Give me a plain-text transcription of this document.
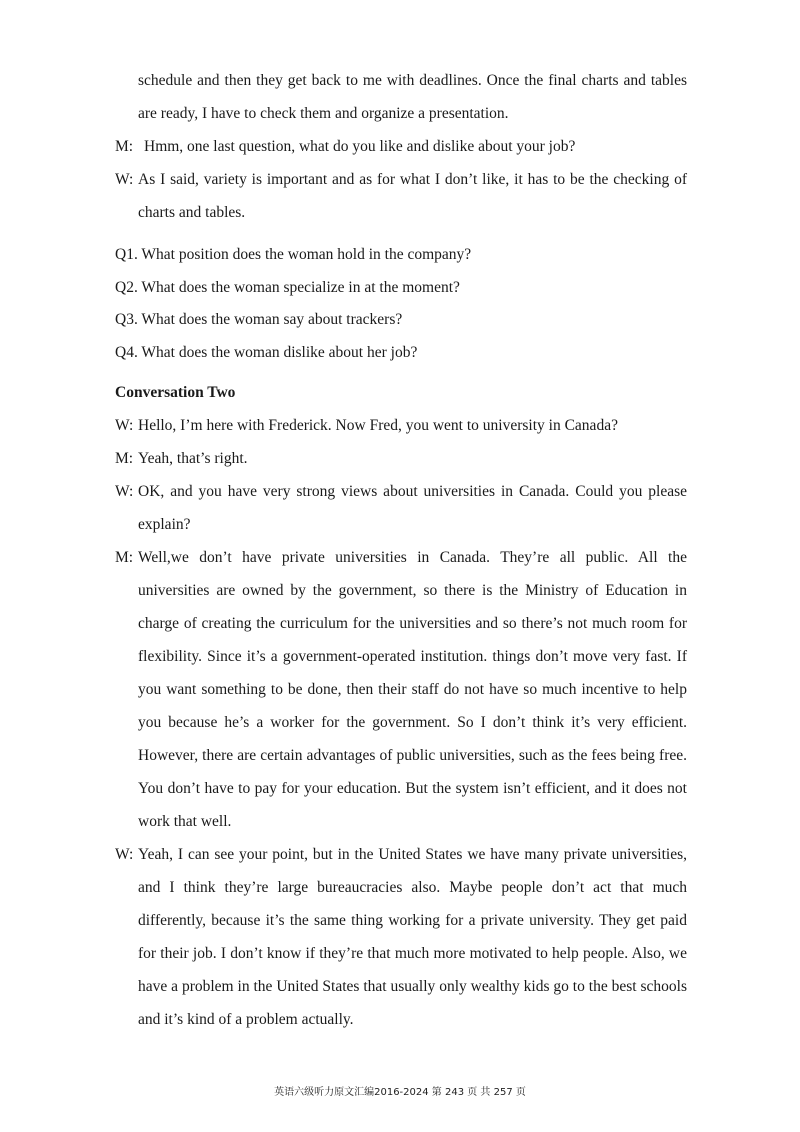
schedule and then they get back to me with deadlines. Once the final charts and tables are ready, I have to check them and organize a presentation.

M: Hmm, one last question, what do you like and dislike about your job?
W: As I said, variety is important and as for what I don’t like, it has to be the checking of charts and tables.

Q1. What position does the woman hold in the company?

Q2. What does the woman specialize in at the moment?

Q3. What does the woman say about trackers?

Q4. What does the woman dislike about her job?

Conversation Two

W: Hello, I’m here with Frederick. Now Fred, you went to university in Canada?
M: Yeah, that’s right.
W: OK, and you have very strong views about universities in Canada. Could you please explain?
M: Well,we don’t have private universities in Canada. They’re all public. All the universities are owned by the government, so there is the Ministry of Education in charge of creating the curriculum for the universities and so there’s not much room for flexibility. Since it’s a government-operated institution. things don’t move very fast. If you want something to be done, then their staff do not have so much incentive to help you because he’s a worker for the government. So I don’t think it’s very efficient. However, there are certain advantages of public universities, such as the fees being free. You don’t have to pay for your education. But the system isn’t efficient, and it does not work that well.
W: Yeah, I can see your point, but in the United States we have many private universities, and I think they’re large bureaucracies also. Maybe people don’t act that much differently, because it’s the same thing working for a private university. They get paid for their job. I don’t know if they’re that much more motivated to help people. Also, we have a problem in the United States that usually only wealthy kids go to the best schools and it’s kind of a problem actually.
英语六级听力原文汇编2016-2024 第 243 页 共 257 页
